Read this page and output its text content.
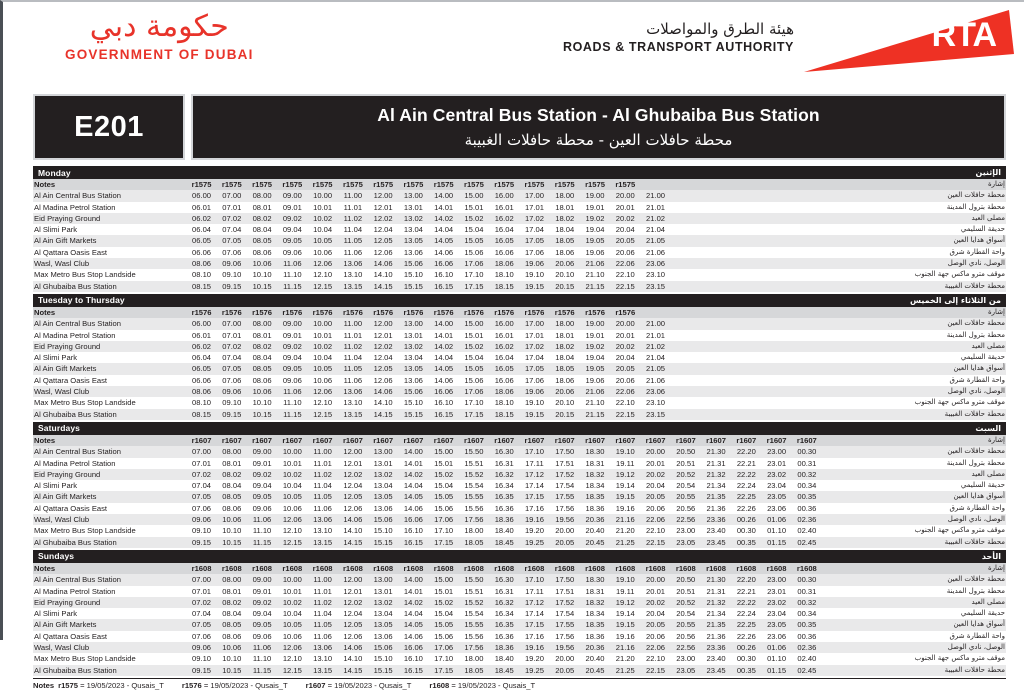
حكومة دبي
GOVERNMENT OF DUBAI
هيئة الطرق والمواصلات
ROADS & TRANSPORT AUTHORITY	RTA
E201	Al Ain Central Bus Station - Al Ghubaiba Bus Station
محطة حافلات العين - محطة حافلات الغبيبة
Monday	الإثنين
Notes	r1575	r1575	r1575	r1575	r1575	r1575	r1575	r1575	r1575	r1575	r1575	r1575	r1575	r1575	r1575								إشارة
Al Ain Central Bus Station	06.00	07.00	08.00	09.00	10.00	11.00	12.00	13.00	14.00	15.00	16.00	17.00	18.00	19.00	20.00	21.00							محطة حافلات العين
Al Madina Petrol Station	06.01	07.01	08.01	09.01	10.01	11.01	12.01	13.01	14.01	15.01	16.01	17.01	18.01	19.01	20.01	21.01							محطة بترول المدينة
Eid Praying Ground	06.02	07.02	08.02	09.02	10.02	11.02	12.02	13.02	14.02	15.02	16.02	17.02	18.02	19.02	20.02	21.02							مصلى العيد
Al Slimi Park	06.04	07.04	08.04	09.04	10.04	11.04	12.04	13.04	14.04	15.04	16.04	17.04	18.04	19.04	20.04	21.04							حديقة السليمي
Al Ain Gift Markets	06.05	07.05	08.05	09.05	10.05	11.05	12.05	13.05	14.05	15.05	16.05	17.05	18.05	19.05	20.05	21.05							أسواق هدايا العين
Al Qattara Oasis East	06.06	07.06	08.06	09.06	10.06	11.06	12.06	13.06	14.06	15.06	16.06	17.06	18.06	19.06	20.06	21.06							واحة القطارة شرق
Wasl, Wasl Club	08.06	09.06	10.06	11.06	12.06	13.06	14.06	15.06	16.06	17.06	18.06	19.06	20.06	21.06	22.06	23.06							الوصل، نادي الوصل
Max Metro Bus Stop Landside	08.10	09.10	10.10	11.10	12.10	13.10	14.10	15.10	16.10	17.10	18.10	19.10	20.10	21.10	22.10	23.10							موقف مترو ماكس جهة الجنوب
Al Ghubaiba Bus Station	08.15	09.15	10.15	11.15	12.15	13.15	14.15	15.15	16.15	17.15	18.15	19.15	20.15	21.15	22.15	23.15							محطة حافلات الغبيبة
Tuesday to Thursday	من الثلاثاء إلى الخميس
Notes	r1576	r1576	r1576	r1576	r1576	r1576	r1576	r1576	r1576	r1576	r1576	r1576	r1576	r1576	r1576								إشارة
Al Ain Central Bus Station	06.00	07.00	08.00	09.00	10.00	11.00	12.00	13.00	14.00	15.00	16.00	17.00	18.00	19.00	20.00	21.00							محطة حافلات العين
Al Madina Petrol Station	06.01	07.01	08.01	09.01	10.01	11.01	12.01	13.01	14.01	15.01	16.01	17.01	18.01	19.01	20.01	21.01							محطة بترول المدينة
Eid Praying Ground	06.02	07.02	08.02	09.02	10.02	11.02	12.02	13.02	14.02	15.02	16.02	17.02	18.02	19.02	20.02	21.02							مصلى العيد
Al Slimi Park	06.04	07.04	08.04	09.04	10.04	11.04	12.04	13.04	14.04	15.04	16.04	17.04	18.04	19.04	20.04	21.04							حديقة السليمي
Al Ain Gift Markets	06.05	07.05	08.05	09.05	10.05	11.05	12.05	13.05	14.05	15.05	16.05	17.05	18.05	19.05	20.05	21.05							أسواق هدايا العين
Al Qattara Oasis East	06.06	07.06	08.06	09.06	10.06	11.06	12.06	13.06	14.06	15.06	16.06	17.06	18.06	19.06	20.06	21.06							واحة القطارة شرق
Wasl, Wasl Club	08.06	09.06	10.06	11.06	12.06	13.06	14.06	15.06	16.06	17.06	18.06	19.06	20.06	21.06	22.06	23.06							الوصل، نادي الوصل
Max Metro Bus Stop Landside	08.10	09.10	10.10	11.10	12.10	13.10	14.10	15.10	16.10	17.10	18.10	19.10	20.10	21.10	22.10	23.10							موقف مترو ماكس جهة الجنوب
Al Ghubaiba Bus Station	08.15	09.15	10.15	11.15	12.15	13.15	14.15	15.15	16.15	17.15	18.15	19.15	20.15	21.15	22.15	23.15							محطة حافلات الغبيبة
Saturdays	السبت
Notes	r1607	r1607	r1607	r1607	r1607	r1607	r1607	r1607	r1607	r1607	r1607	r1607	r1607	r1607	r1607	r1607	r1607	r1607	r1607	r1607	r1607		إشارة
Al Ain Central Bus Station	07.00	08.00	09.00	10.00	11.00	12.00	13.00	14.00	15.00	15.50	16.30	17.10	17.50	18.30	19.10	20.00	20.50	21.30	22.20	23.00	00.30		محطة حافلات العين
Al Madina Petrol Station	07.01	08.01	09.01	10.01	11.01	12.01	13.01	14.01	15.01	15.51	16.31	17.11	17.51	18.31	19.11	20.01	20.51	21.31	22.21	23.01	00.31		محطة بترول المدينة
Eid Praying Ground	07.02	08.02	09.02	10.02	11.02	12.02	13.02	14.02	15.02	15.52	16.32	17.12	17.52	18.32	19.12	20.02	20.52	21.32	22.22	23.02	00.32		مصلى العيد
Al Slimi Park	07.04	08.04	09.04	10.04	11.04	12.04	13.04	14.04	15.04	15.54	16.34	17.14	17.54	18.34	19.14	20.04	20.54	21.34	22.24	23.04	00.34		حديقة السليمي
Al Ain Gift Markets	07.05	08.05	09.05	10.05	11.05	12.05	13.05	14.05	15.05	15.55	16.35	17.15	17.55	18.35	19.15	20.05	20.55	21.35	22.25	23.05	00.35		أسواق هدايا العين
Al Qattara Oasis East	07.06	08.06	09.06	10.06	11.06	12.06	13.06	14.06	15.06	15.56	16.36	17.16	17.56	18.36	19.16	20.06	20.56	21.36	22.26	23.06	00.36		واحة القطارة شرق
Wasl, Wasl Club	09.06	10.06	11.06	12.06	13.06	14.06	15.06	16.06	17.06	17.56	18.36	19.16	19.56	20.36	21.16	22.06	22.56	23.36	00.26	01.06	02.36		الوصل، نادي الوصل
Max Metro Bus Stop Landside	09.10	10.10	11.10	12.10	13.10	14.10	15.10	16.10	17.10	18.00	18.40	19.20	20.00	20.40	21.20	22.10	23.00	23.40	00.30	01.10	02.40		موقف مترو ماكس جهة الجنوب
Al Ghubaiba Bus Station	09.15	10.15	11.15	12.15	13.15	14.15	15.15	16.15	17.15	18.05	18.45	19.25	20.05	20.45	21.25	22.15	23.05	23.45	00.35	01.15	02.45		محطة حافلات الغبيبة
Sundays	الأحد
Notes	r1608	r1608	r1608	r1608	r1608	r1608	r1608	r1608	r1608	r1608	r1608	r1608	r1608	r1608	r1608	r1608	r1608	r1608	r1608	r1608	r1608		إشارة
Al Ain Central Bus Station	07.00	08.00	09.00	10.00	11.00	12.00	13.00	14.00	15.00	15.50	16.30	17.10	17.50	18.30	19.10	20.00	20.50	21.30	22.20	23.00	00.30		محطة حافلات العين
Al Madina Petrol Station	07.01	08.01	09.01	10.01	11.01	12.01	13.01	14.01	15.01	15.51	16.31	17.11	17.51	18.31	19.11	20.01	20.51	21.31	22.21	23.01	00.31		محطة بترول المدينة
Eid Praying Ground	07.02	08.02	09.02	10.02	11.02	12.02	13.02	14.02	15.02	15.52	16.32	17.12	17.52	18.32	19.12	20.02	20.52	21.32	22.22	23.02	00.32		مصلى العيد
Al Slimi Park	07.04	08.04	09.04	10.04	11.04	12.04	13.04	14.04	15.04	15.54	16.34	17.14	17.54	18.34	19.14	20.04	20.54	21.34	22.24	23.04	00.34		حديقة السليمي
Al Ain Gift Markets	07.05	08.05	09.05	10.05	11.05	12.05	13.05	14.05	15.05	15.55	16.35	17.15	17.55	18.35	19.15	20.05	20.55	21.35	22.25	23.05	00.35		أسواق هدايا العين
Al Qattara Oasis East	07.06	08.06	09.06	10.06	11.06	12.06	13.06	14.06	15.06	15.56	16.36	17.16	17.56	18.36	19.16	20.06	20.56	21.36	22.26	23.06	00.36		واحة القطارة شرق
Wasl, Wasl Club	09.06	10.06	11.06	12.06	13.06	14.06	15.06	16.06	17.06	17.56	18.36	19.16	19.56	20.36	21.16	22.06	22.56	23.36	00.26	01.06	02.36		الوصل، نادي الوصل
Max Metro Bus Stop Landside	09.10	10.10	11.10	12.10	13.10	14.10	15.10	16.10	17.10	18.00	18.40	19.20	20.00	20.40	21.20	22.10	23.00	23.40	00.30	01.10	02.40		موقف مترو ماكس جهة الجنوب
Al Ghubaiba Bus Station	09.15	10.15	11.15	12.15	13.15	14.15	15.15	16.15	17.15	18.05	18.45	19.25	20.05	20.45	21.25	22.15	23.05	23.45	00.35	01.15	02.45		محطة حافلات الغبيبة
Notes r1575 = 19/05/2023 - Qusais_T r1576 = 19/05/2023 - Qusais_T r1607 = 19/05/2023 - Qusais_T r1608 = 19/05/2023 - Qusais_T
